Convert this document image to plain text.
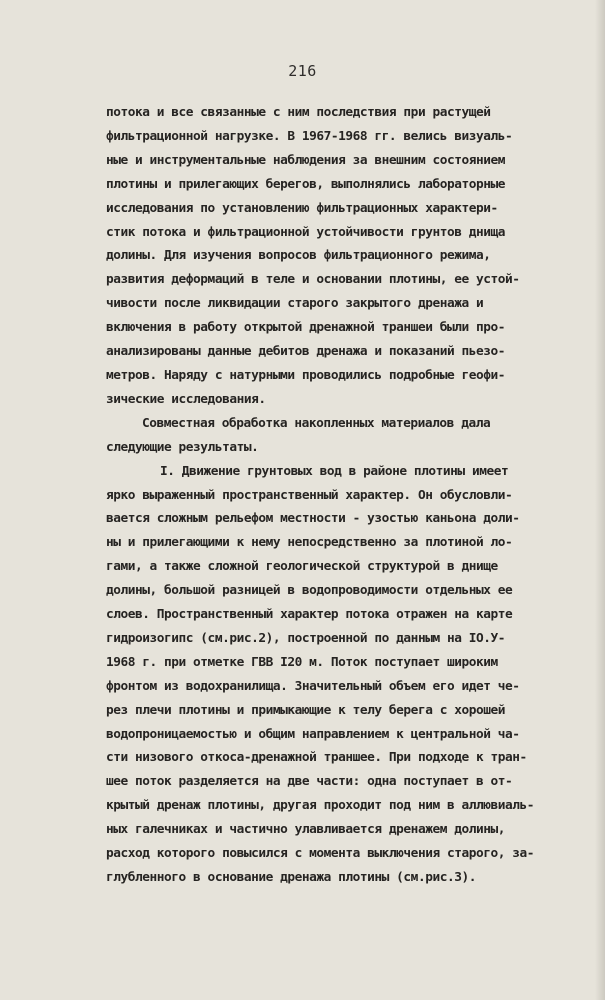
216
потока и все связанные с ним последствия при растущей
фильтрационной нагрузке. В 1967-1968 гг. велись визуаль-
ные и инструментальные наблюдения за внешним состоянием
плотины и прилегающих берегов, выполнялись лабораторные
исследования по установлению фильтрационных характери-
стик потока и фильтрационной устойчивости грунтов днища
долины. Для изучения вопросов фильтрационного режима,
развития деформаций в теле и основании плотины, ее устой-
чивости после ликвидации старого закрытого дренажа и
включения в работу открытой дренажной траншеи были про-
анализированы данные дебитов дренажа и показаний пьезо-
метров. Наряду с натурными проводились подробные геофи-
зические исследования.
Совместная обработка накопленных материалов дала
следующие результаты.
I. Движение грунтовых вод в районе плотины имеет
ярко выраженный пространственный характер. Он обусловли-
вается сложным рельефом местности - узостью каньона доли-
ны и прилегающими к нему непосредственно за плотиной ло-
гами, а также сложной геологической структурой в днище
долины, большой разницей в водопроводимости отдельных ее
слоев. Пространственный характер потока отражен на карте
гидроизогипс (см.рис.2), построенной по данным на IO.У-
1968 г. при отметке ГВВ I20 м. Поток поступает широким
фронтом из водохранилища. Значительный объем его идет че-
рез плечи плотины и примыкающие к телу берега с хорошей
водопроницаемостью и общим направлением к центральной ча-
сти низового откоса-дренажной траншее. При подходе к тран-
шее поток разделяется на две части: одна поступает в от-
крытый дренаж плотины, другая проходит под ним в аллювиаль-
ных галечниках и частично улавливается дренажем долины,
расход которого повысился с момента выключения старого, за-
глубленного в основание дренажа плотины (см.рис.3).
